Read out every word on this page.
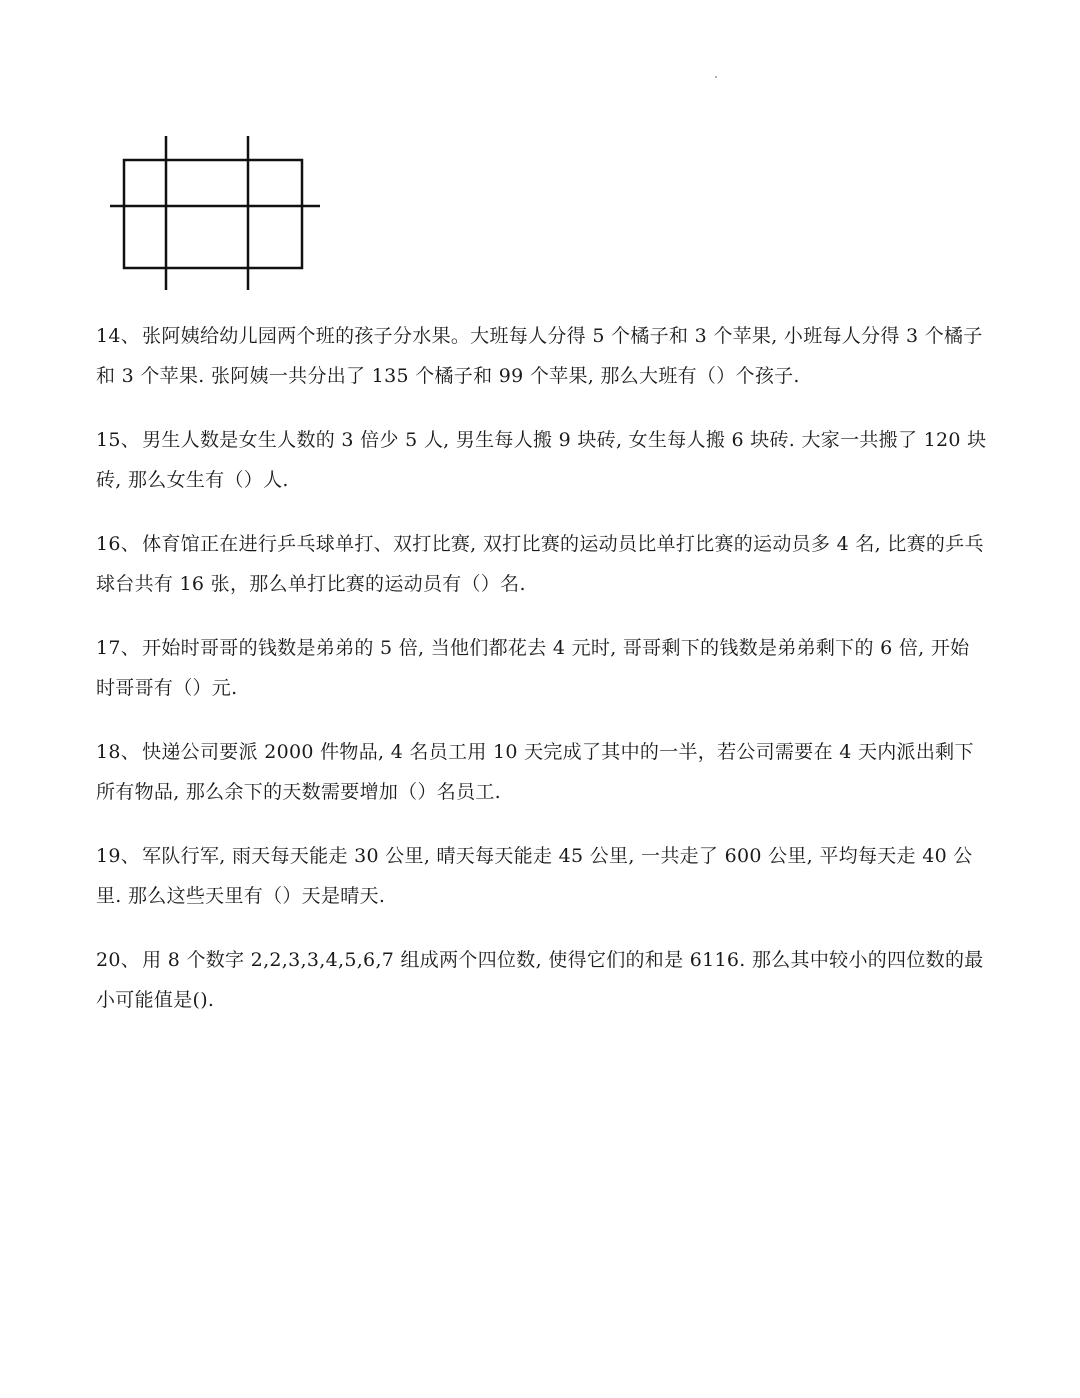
14、 张阿姨给幼儿园两个班的孩子分水果。大班每人分得 5 个橘子和 3 个苹果, 小班每人分得 3 个橘子和 3 个苹果. 张阿姨一共分出了 135 个橘子和 99 个苹果, 那么大班有（）个孩子.

15、 男生人数是女生人数的 3 倍少 5 人, 男生每人搬 9 块砖, 女生每人搬 6 块砖. 大家一共搬了 120 块砖, 那么女生有（）人.

16、 体育馆正在进行乒乓球单打、双打比赛, 双打比赛的运动员比单打比赛的运动员多 4 名, 比赛的乒乓球台共有 16 张，那么单打比赛的运动员有（）名.

17、 开始时哥哥的钱数是弟弟的 5 倍, 当他们都花去 4 元时, 哥哥剩下的钱数是弟弟剩下的 6 倍, 开始时哥哥有（）元.

18、 快递公司要派 2000 件物品, 4 名员工用 10 天完成了其中的一半，若公司需要在 4 天内派出剩下所有物品, 那么余下的天数需要增加（）名员工.

19、 军队行军, 雨天每天能走 30 公里, 晴天每天能走 45 公里, 一共走了 600 公里, 平均每天走 40 公里. 那么这些天里有（）天是晴天.

20、 用 8 个数字 2,2,3,3,4,5,6,7 组成两个四位数, 使得它们的和是 6116. 那么其中较小的四位数的最小可能值是().
